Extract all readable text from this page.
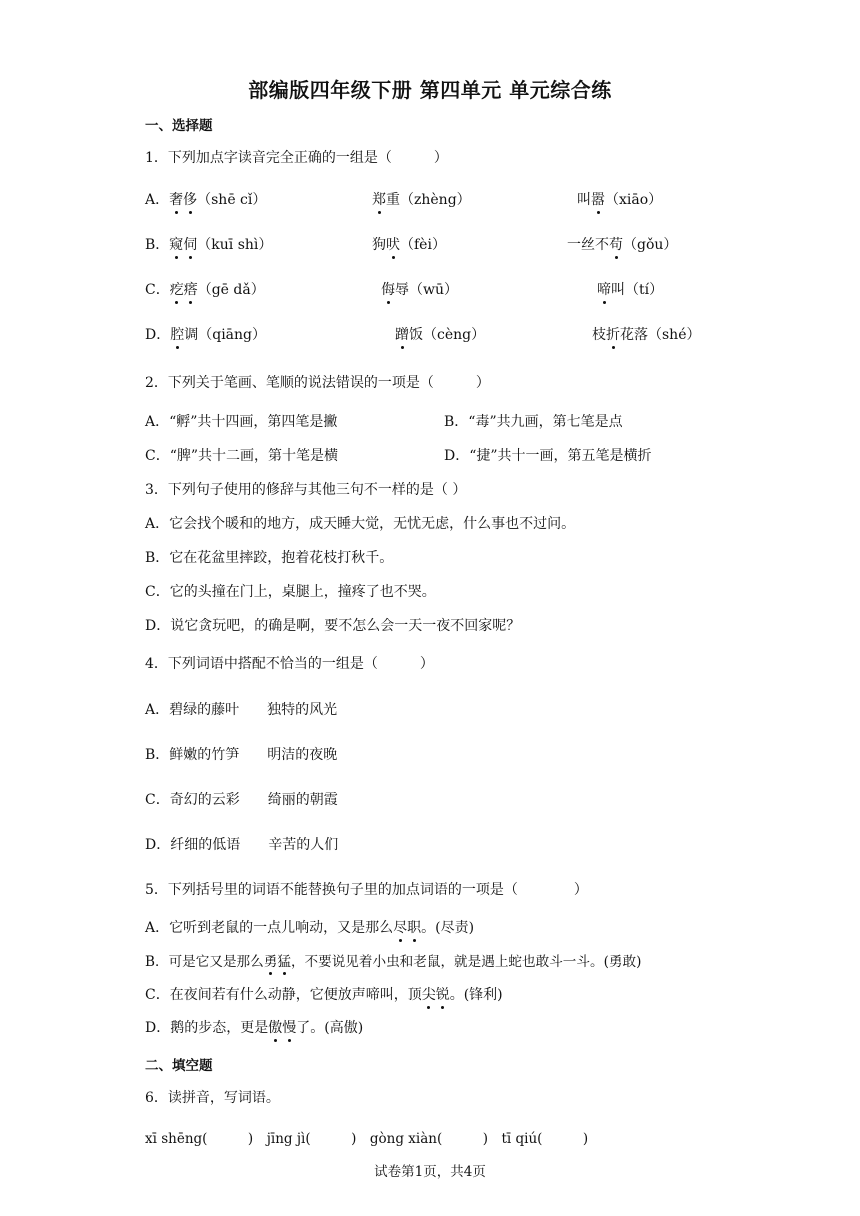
部编版四年级下册 第四单元 单元综合练
一、选择题
1．下列加点字读音完全正确的一组是（　　　）
A．奢侈（shē cǐ）	郑重（zhèng）	叫嚣（xiāo）
B．窥伺（kuī shì）	狗吠（fèi）	一丝不苟（gǒu）
C．疙瘩（gē dǎ）	侮辱（wū）	啼叫（tí）
D．腔调（qiāng）	蹭饭（cèng）	枝折花落（shé）
2．下列关于笔画、笔顺的说法错误的一项是（　　　）
A．“孵”共十四画，第四笔是撇	B．“毒”共九画，第七笔是点
C．“脾”共十二画，第十笔是横	D．“捷”共十一画，第五笔是横折
3．下列句子使用的修辞与其他三句不一样的是（ ）
A．它会找个暖和的地方，成天睡大觉，无忧无虑，什么事也不过问。
B．它在花盆里摔跤，抱着花枝打秋千。
C．它的头撞在门上，桌腿上，撞疼了也不哭。
D．说它贪玩吧，的确是啊，要不怎么会一天一夜不回家呢？
4．下列词语中搭配不恰当的一组是（　　　）
A．碧绿的藤叶　　独特的风光
B．鲜嫩的竹笋　　明洁的夜晚
C．奇幻的云彩　　绮丽的朝霞
D．纤细的低语　　辛苦的人们
5．下列括号里的词语不能替换句子里的加点词语的一项是（　　　　）
A．它听到老鼠的一点儿响动，又是那么尽职。(尽责)
B．可是它又是那么勇猛，不要说见着小虫和老鼠，就是遇上蛇也敢斗一斗。(勇敢)
C．在夜间若有什么动静，它便放声啼叫，顶尖锐。(锋利)
D．鹅的步态，更是傲慢了。(高傲)
二、填空题
6．读拼音，写词语。
xī shēng(　　　)　jīng jì(　　　)　gòng xiàn(　　　)　tī qiú(　　　)
试卷第1页，共4页
